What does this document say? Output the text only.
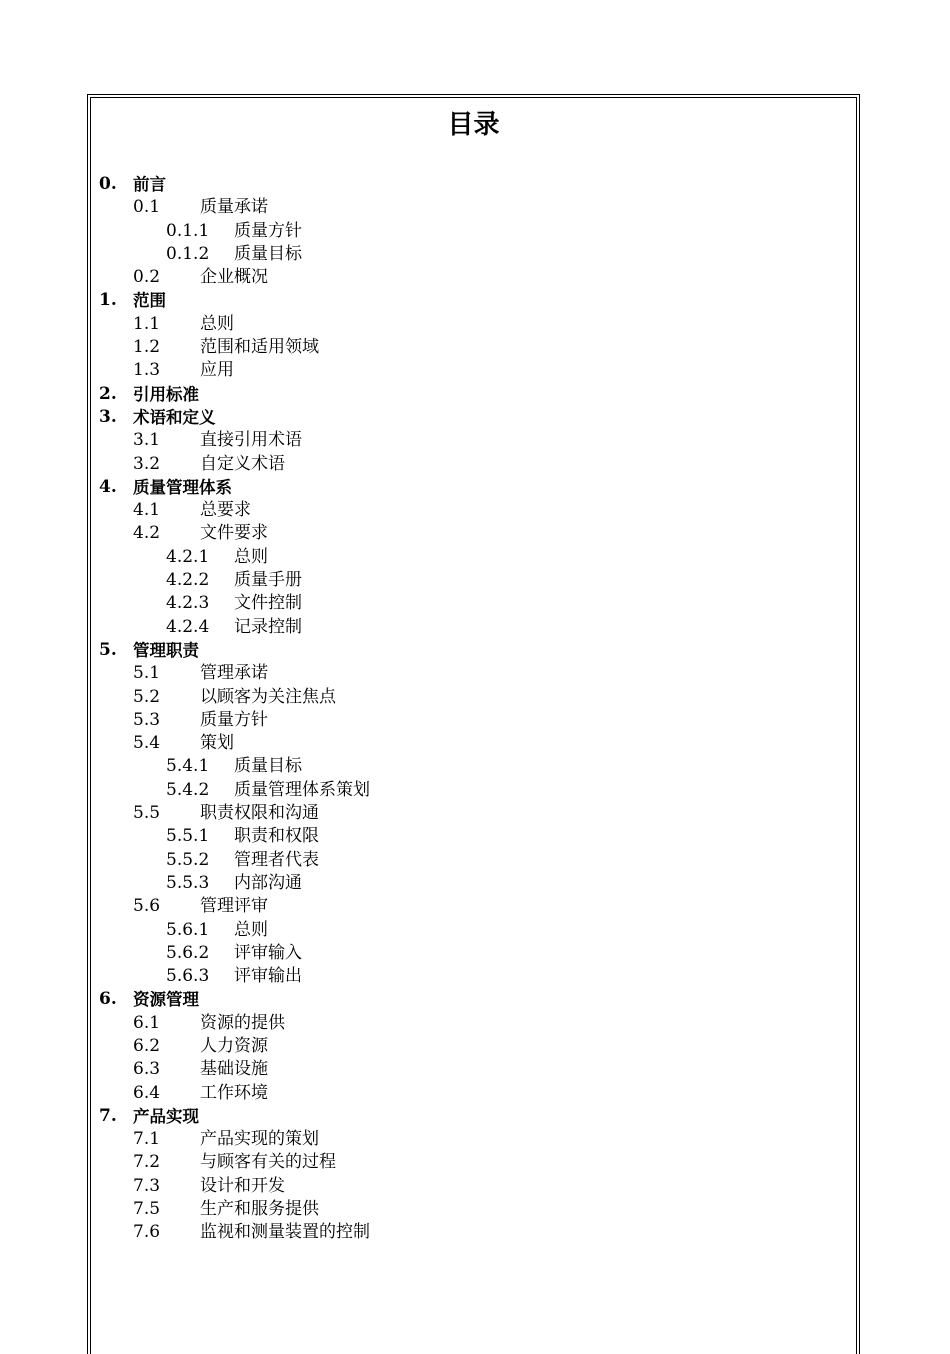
目录
0. 前言
0.1 质量承诺
0.1.1 质量方针
0.1.2 质量目标
0.2 企业概况
1. 范围
1.1 总则
1.2 范围和适用领域
1.3 应用
2. 引用标准
3. 术语和定义
3.1 直接引用术语
3.2 自定义术语
4. 质量管理体系
4.1 总要求
4.2 文件要求
4.2.1 总则
4.2.2 质量手册
4.2.3 文件控制
4.2.4 记录控制
5. 管理职责
5.1 管理承诺
5.2 以顾客为关注焦点
5.3 质量方针
5.4 策划
5.4.1 质量目标
5.4.2 质量管理体系策划
5.5 职责权限和沟通
5.5.1 职责和权限
5.5.2 管理者代表
5.5.3 内部沟通
5.6 管理评审
5.6.1 总则
5.6.2 评审输入
5.6.3 评审输出
6. 资源管理
6.1 资源的提供
6.2 人力资源
6.3 基础设施
6.4 工作环境
7. 产品实现
7.1 产品实现的策划
7.2 与顾客有关的过程
7.3 设计和开发
7.5 生产和服务提供
7.6 监视和测量装置的控制
